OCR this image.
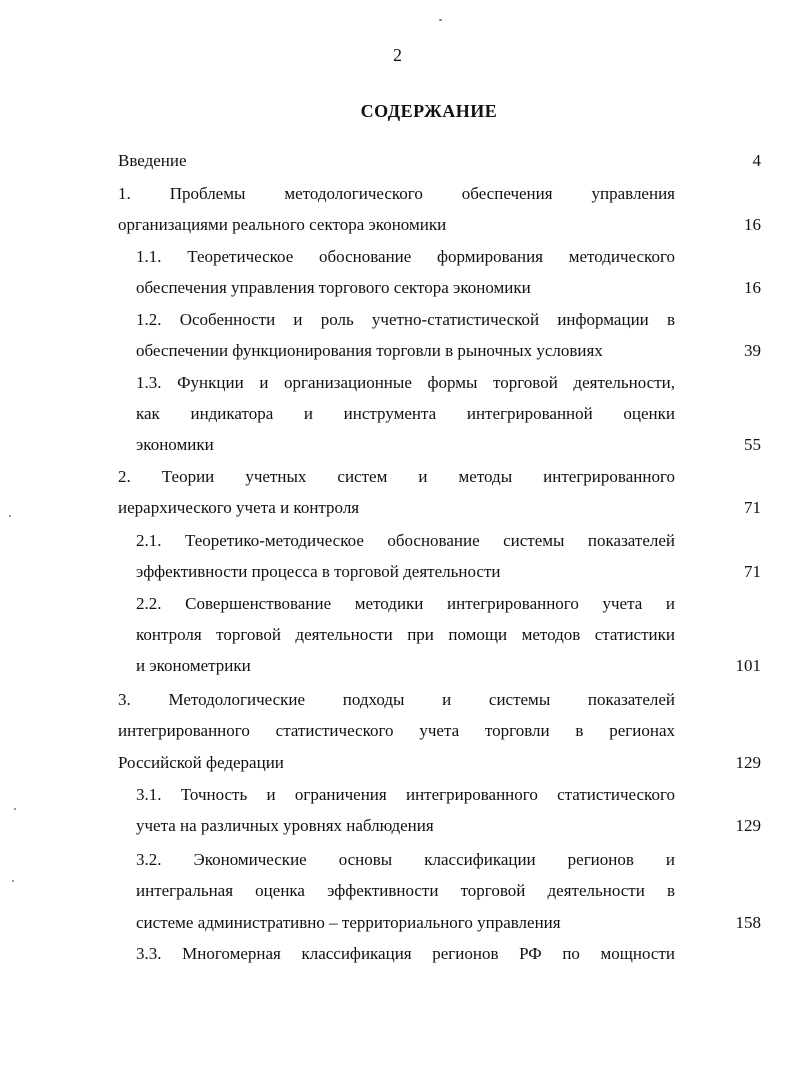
2
СОДЕРЖАНИЕ
Введение	4
1. Проблемы методологического обеспечения управления
организациями реального сектора экономики	16
1.1. Теоретическое обоснование формирования методического
обеспечения управления торгового сектора экономики	16
1.2. Особенности и роль учетно-статистической информации в
обеспечении функционирования торговли в рыночных условиях	39
1.3. Функции и организационные формы торговой деятельности,
как индикатора и инструмента интегрированной оценки
экономики	55
2. Теории учетных систем и методы интегрированного
иерархического учета и контроля	71
2.1. Теоретико-методическое обоснование системы показателей
эффективности процесса в торговой деятельности	71
2.2. Совершенствование методики интегрированного учета и
контроля торговой деятельности при помощи методов статистики
и эконометрики	101
3. Методологические подходы и системы показателей
интегрированного статистического учета торговли в регионах
Российской федерации	129
3.1. Точность и ограничения интегрированного статистического
учета на различных уровнях наблюдения	129
3.2. Экономические основы классификации регионов и
интегральная оценка эффективности торговой деятельности в
системе административно – территориального управления	158
3.3. Многомерная классификация регионов РФ по мощности
